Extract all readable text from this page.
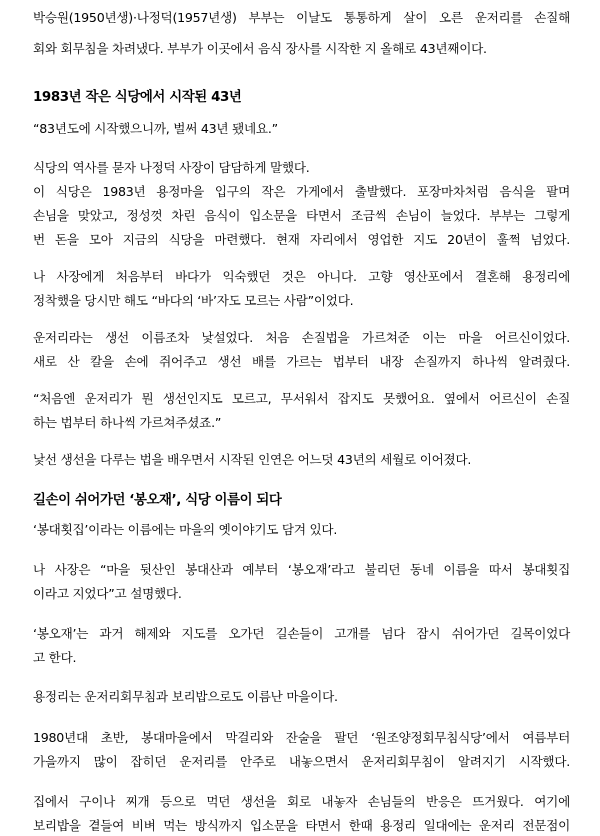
박승원(1950년생)·나정덕(1957년생) 부부는 이날도 통통하게 살이 오른 운저리를 손질해
회와 회무침을 차려냈다. 부부가 이곳에서 음식 장사를 시작한 지 올해로 43년째이다.
1983년 작은 식당에서 시작된 43년
“83년도에 시작했으니까, 벌써 43년 됐네요.”
식당의 역사를 묻자 나정덕 사장이 담담하게 말했다.
이 식당은 1983년 용정마을 입구의 작은 가게에서 출발했다. 포장마차처럼 음식을 팔며
손님을 맞았고, 정성껏 차린 음식이 입소문을 타면서 조금씩 손님이 늘었다. 부부는 그렇게
번 돈을 모아 지금의 식당을 마련했다. 현재 자리에서 영업한 지도 20년이 훌쩍 넘었다.
나 사장에게 처음부터 바다가 익숙했던 것은 아니다. 고향 영산포에서 결혼해 용정리에
정착했을 당시만 해도 “바다의 ‘바’자도 모르는 사람”이었다.
운저리라는 생선 이름조차 낯설었다. 처음 손질법을 가르쳐준 이는 마을 어르신이었다.
새로 산 칼을 손에 쥐어주고 생선 배를 가르는 법부터 내장 손질까지 하나씩 알려줬다.
“처음엔 운저리가 뭔 생선인지도 모르고, 무서워서 잡지도 못했어요. 옆에서 어르신이 손질
하는 법부터 하나씩 가르쳐주셨죠.”
낯선 생선을 다루는 법을 배우면서 시작된 인연은 어느덧 43년의 세월로 이어졌다.
길손이 쉬어가던 ‘봉오재’, 식당 이름이 되다
‘봉대횟집’이라는 이름에는 마을의 옛이야기도 담겨 있다.
나 사장은 “마을 뒷산인 봉대산과 예부터 ‘봉오재’라고 불리던 동네 이름을 따서 봉대횟집
이라고 지었다”고 설명했다.
‘봉오재’는 과거 해제와 지도를 오가던 길손들이 고개를 넘다 잠시 쉬어가던 길목이었다
고 한다.
용정리는 운저리회무침과 보리밥으로도 이름난 마을이다.
1980년대 초반, 봉대마을에서 막걸리와 잔술을 팔던 ‘원조양정회무침식당’에서 여름부터
가을까지 많이 잡히던 운저리를 안주로 내놓으면서 운저리회무침이 알려지기 시작했다.
집에서 구이나 찌개 등으로 먹던 생선을 회로 내놓자 손님들의 반응은 뜨거웠다. 여기에
보리밥을 곁들여 비벼 먹는 방식까지 입소문을 타면서 한때 용정리 일대에는 운저리 전문점이
